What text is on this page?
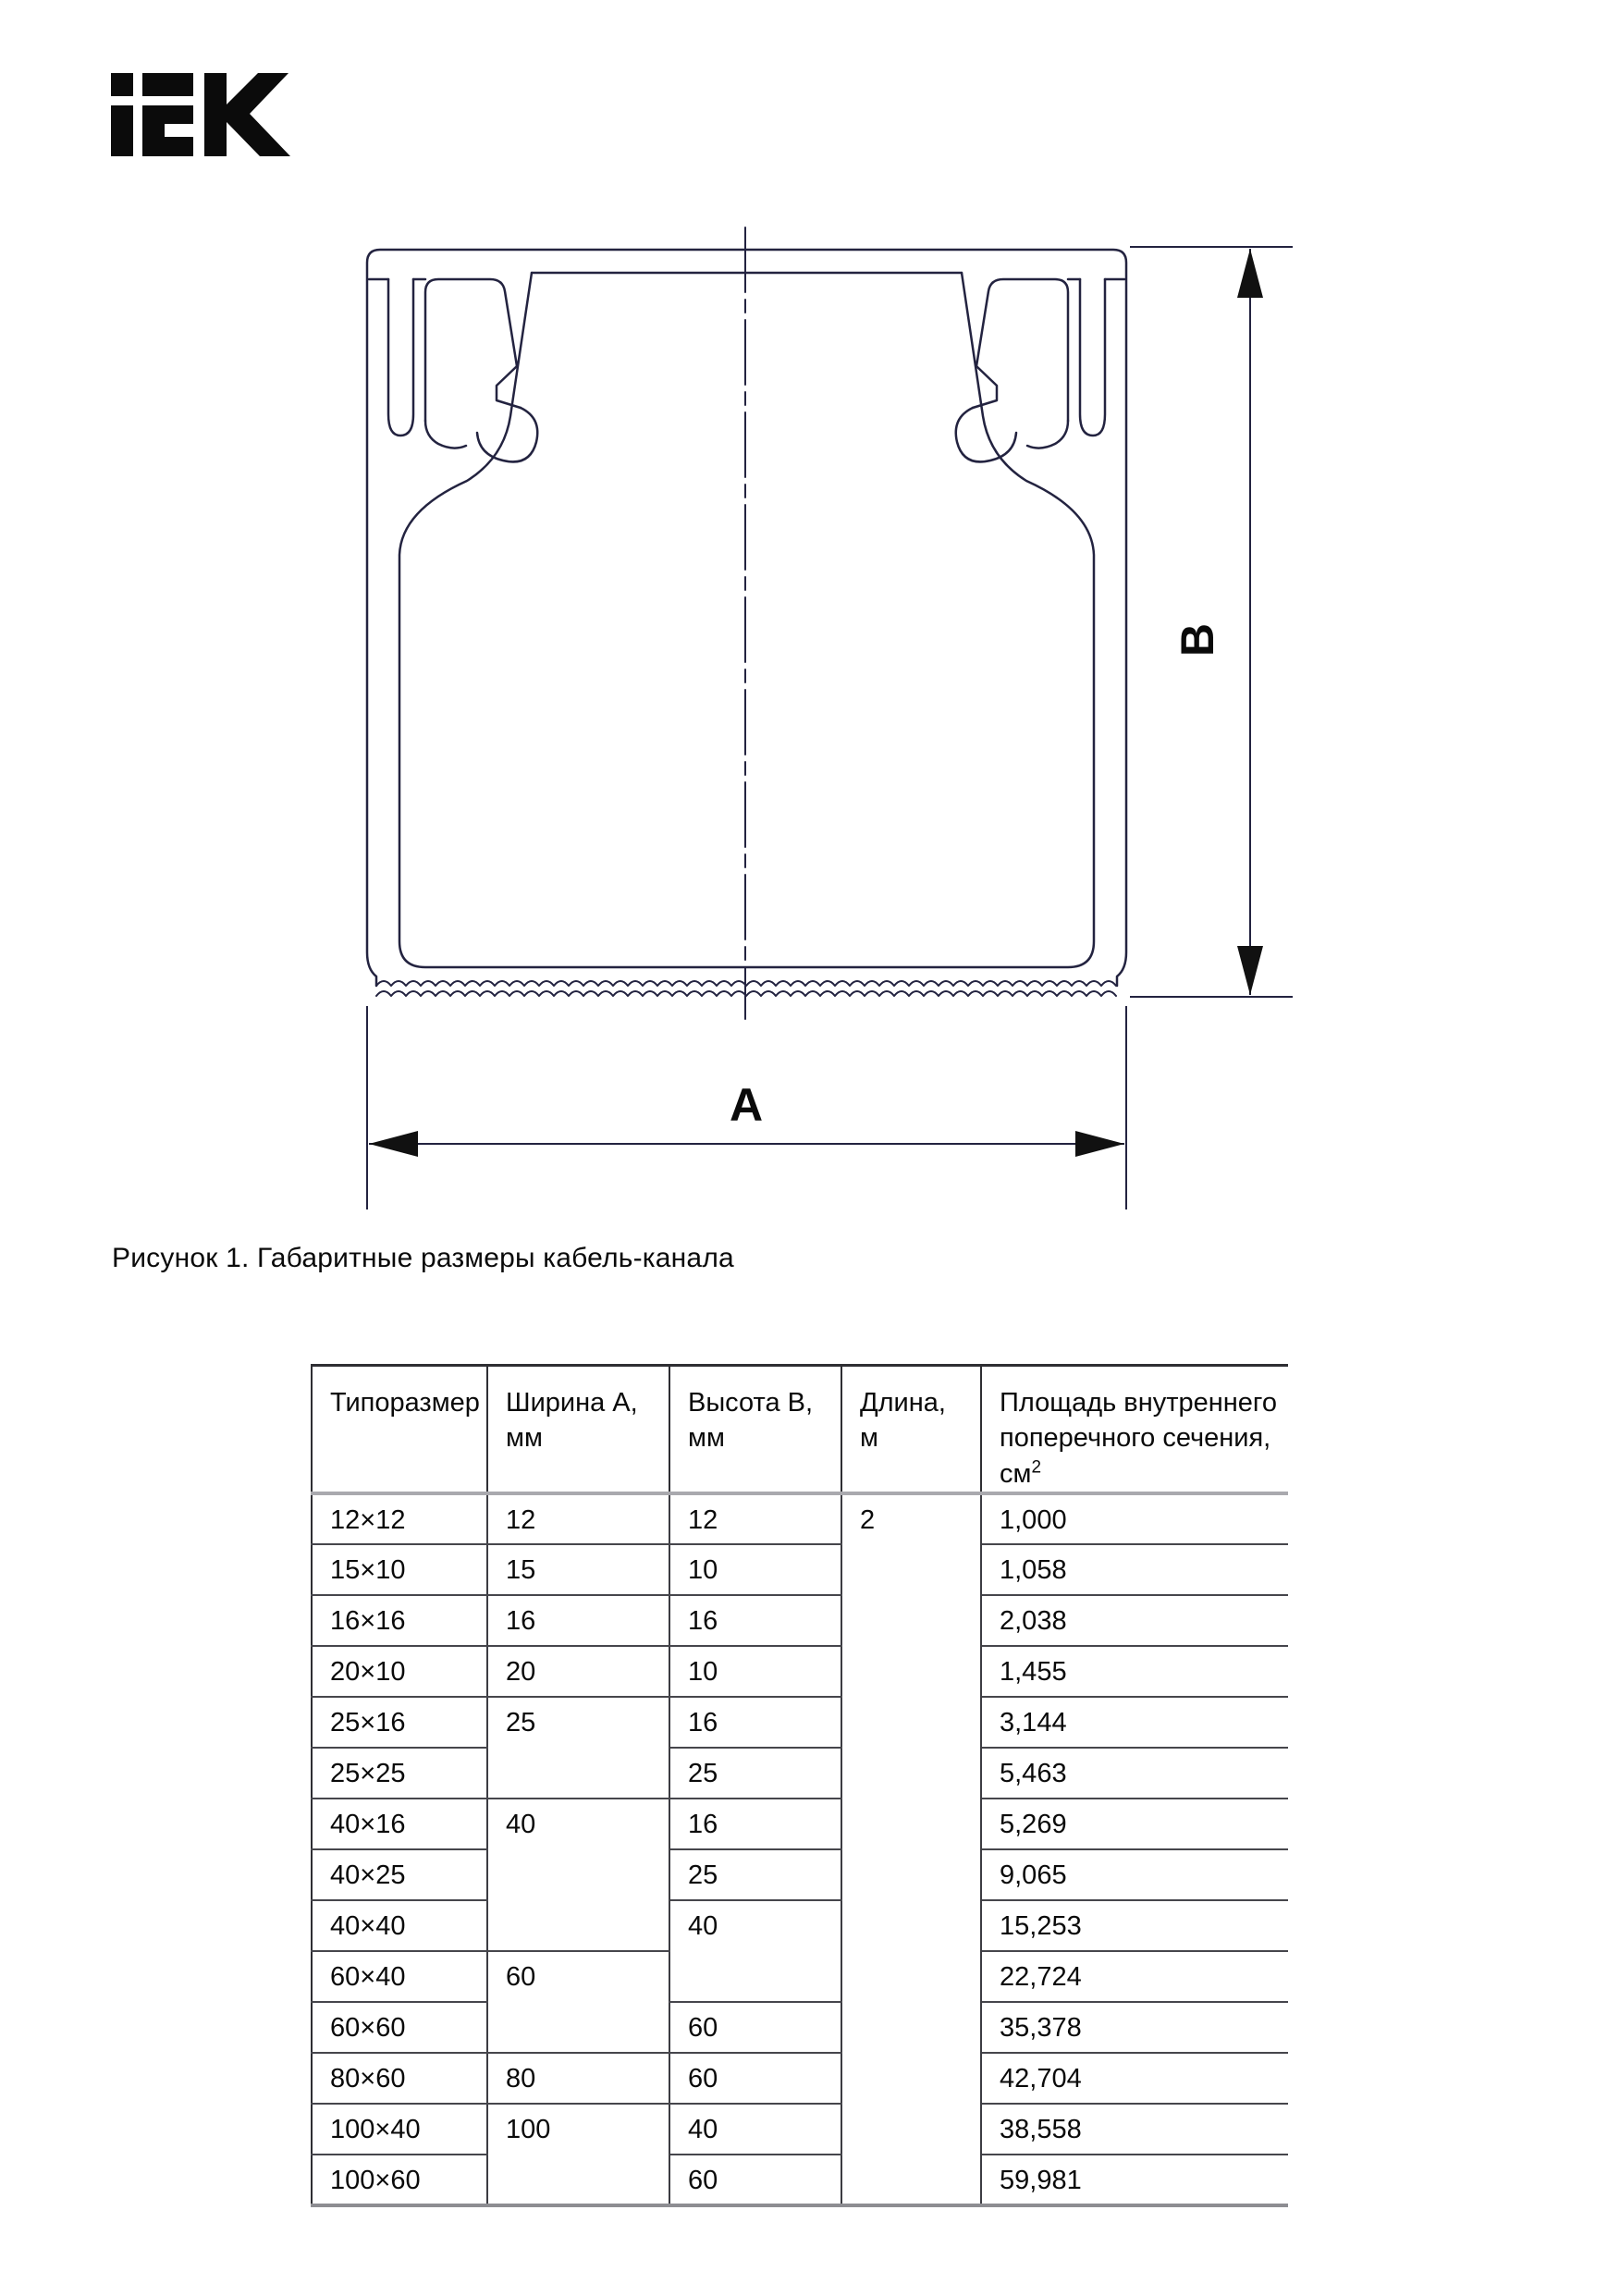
A
B
Рисунок 1. Габаритные размеры кабель-канала
Типоразмер	Ширина А, мм	Высота В, мм	Длина, м	Площадь внутреннего поперечного сечения, $см^2$
12×12	12	12	2	1,000
15×10	15	10		1,058
16×16	16	16		2,038
20×10	20	10		1,455
25×16	25	16		3,144
25×25		25		5,463
40×16	40	16		5,269
40×25		25		9,065
40×40		40		15,253
60×40	60			22,724
60×60		60		35,378
80×60	80	60		42,704
100×40	100	40		38,558
100×60		60		59,981
